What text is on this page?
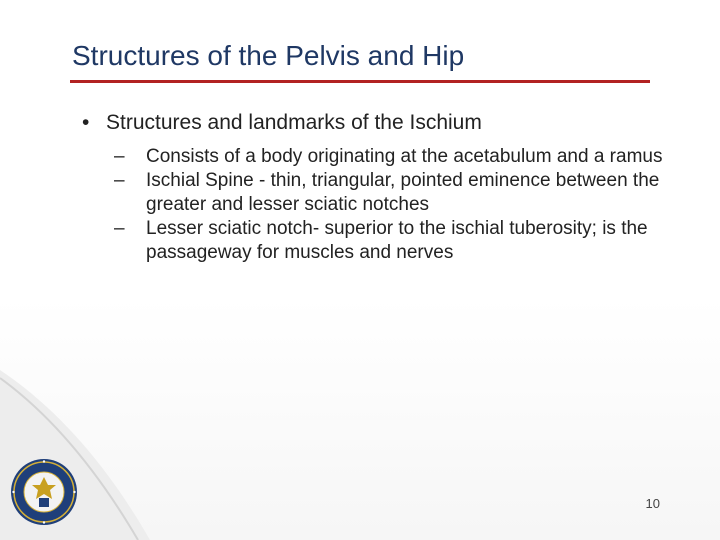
Structures of the Pelvis and Hip
• Structures and landmarks of the Ischium
–	Consists of a body originating at the acetabulum and a ramus
–	Ischial Spine - thin, triangular, pointed eminence between the greater and lesser sciatic notches
–	Lesser sciatic notch- superior to the ischial tuberosity; is the passageway for muscles and nerves
10
